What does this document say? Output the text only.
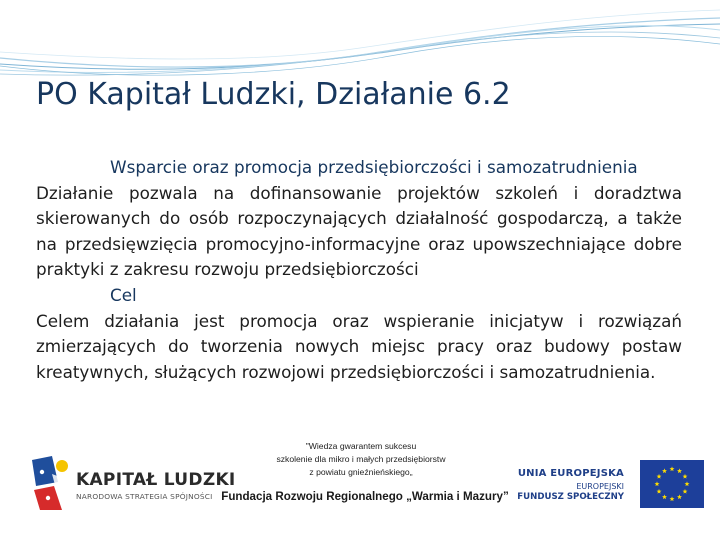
PO Kapitał Ludzki, Działanie 6.2

Wsparcie oraz promocja przedsiębiorczości i samozatrudnienia

Działanie pozwala na dofinansowanie projektów szkoleń i doradztwa skierowanych do osób rozpoczynających działalność gospodarczą, a także na przedsięwzięcia promocyjno-informacyjne oraz upowszechniające dobre praktyki z zakresu rozwoju przedsiębiorczości

Cel

Celem działania jest promocja oraz wspieranie inicjatyw i rozwiązań zmierzających do tworzenia nowych miejsc pracy oraz budowy postaw kreatywnych, służących rozwojowi przedsiębiorczości i samozatrudnienia.

KAPITAŁ LUDZKI
NARODOWA STRATEGIA SPÓJNOŚCI
"Wiedza gwarantem sukcesu
szkolenie dla mikro i małych przedsiębiorstw
z powiatu gnieźnieńskiego„
Fundacja Rozwoju Regionalnego „Warmia i Mazury”
UNIA EUROPEJSKA
EUROPEJSKI
FUNDUSZ SPOŁECZNY
